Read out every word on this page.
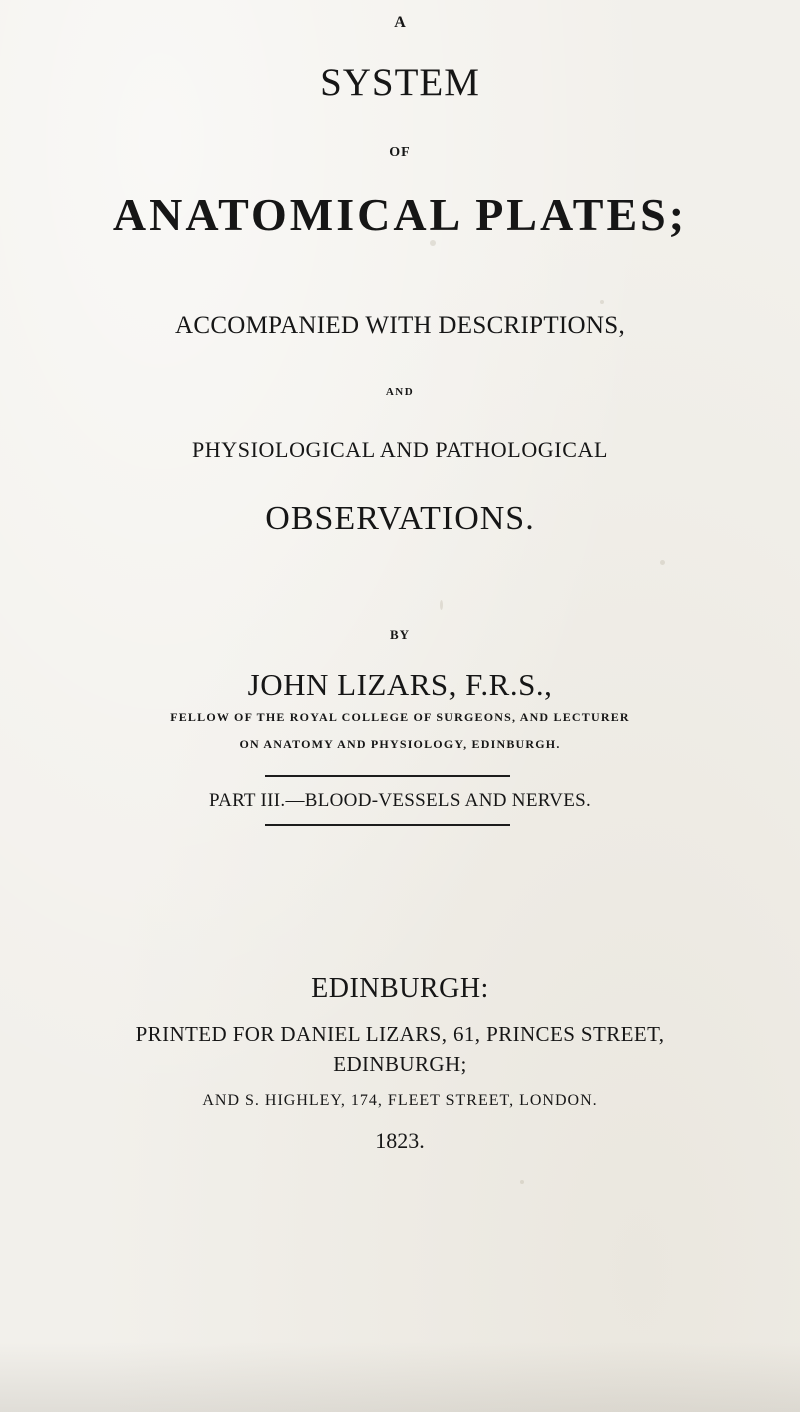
A
SYSTEM
OF
ANATOMICAL PLATES;
ACCOMPANIED WITH DESCRIPTIONS,
AND
PHYSIOLOGICAL AND PATHOLOGICAL
OBSERVATIONS.
BY
JOHN LIZARS, F.R.S.,
FELLOW OF THE ROYAL COLLEGE OF SURGEONS, AND LECTURER
ON ANATOMY AND PHYSIOLOGY, EDINBURGH.
PART III.—BLOOD-VESSELS AND NERVES.
EDINBURGH:
PRINTED FOR DANIEL LIZARS, 61, PRINCES STREET,
EDINBURGH;
AND S. HIGHLEY, 174, FLEET STREET, LONDON.
1823.
